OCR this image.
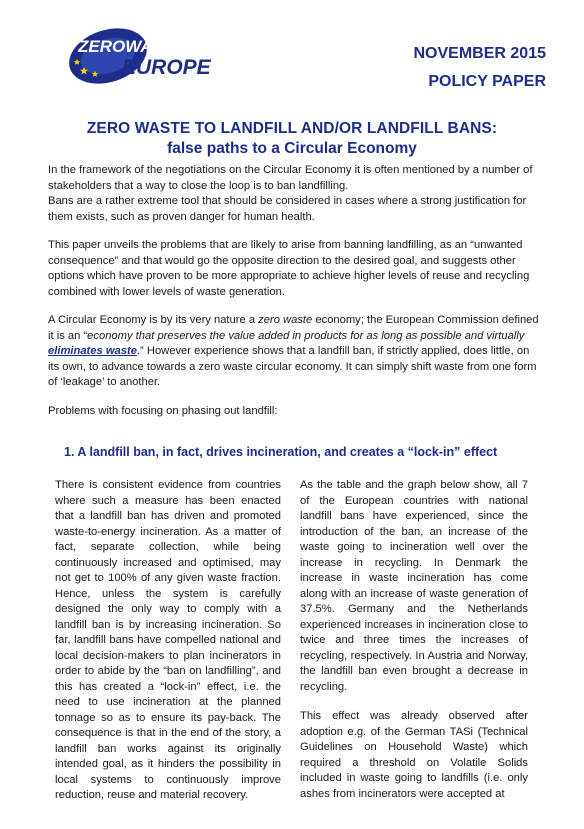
ZEROWASTE
EUROPE
NOVEMBER 2015
POLICY PAPER
ZERO WASTE TO LANDFILL AND/OR LANDFILL BANS:
false paths to a Circular Economy

In the framework of the negotiations on the Circular Economy it is often mentioned by a number of stakeholders that a way to close the loop is to ban landfilling.

Bans are a rather extreme tool that should be considered in cases where a strong justification for them exists, such as proven danger for human health.

This paper unveils the problems that are likely to arise from banning landfilling, as an “unwanted consequence” and that would go the opposite direction to the desired goal, and suggests other options which have proven to be more appropriate to achieve higher levels of reuse and recycling combined with lower levels of waste generation.

A Circular Economy is by its very nature a zero waste economy; the European Commission defined it is an “economy that preserves the value added in products for as long as possible and virtually eliminates waste.” However experience shows that a landfill ban, if strictly applied, does little, on its own, to advance towards a zero waste circular economy. It can simply shift waste from one form of ‘leakage’ to another.

Problems with focusing on phasing out landfill:

1. A landfill ban, in fact, drives incineration, and creates a “lock-in” effect

There is consistent evidence from countries where such a measure has been enacted that a landfill ban has driven and promoted waste-to-energy incineration. As a matter of fact, separate collection, while being continuously increased and optimised, may not get to 100% of any given waste fraction. Hence, unless the system is carefully designed the only way to comply with a landfill ban is by increasing incineration. So far, landfill bans have compelled national and local decision-makers to plan incinerators in order to abide by the “ban on landfilling”, and this has created a “lock-in” effect, i.e. the need to use incineration at the planned tonnage so as to ensure its pay-back. The consequence is that in the end of the story, a landfill ban works against its originally intended goal, as it hinders the possibility in local systems to continuously improve reduction, reuse and material recovery.

As the table and the graph below show, all 7 of the European countries with national landfill bans have experienced, since the introduction of the ban, an increase of the waste going to incineration well over the increase in recycling. In Denmark the increase in waste incineration has come along with an increase of waste generation of 37.5%. Germany and the Netherlands experienced increases in incineration close to twice and three times the increases of recycling, respectively. In Austria and Norway, the landfill ban even brought a decrease in recycling.

This effect was already observed after adoption e.g. of the German TASi (Technical Guidelines on Household Waste) which required a threshold on Volatile Solids included in waste going to landfills (i.e. only ashes from incinerators were accepted at
